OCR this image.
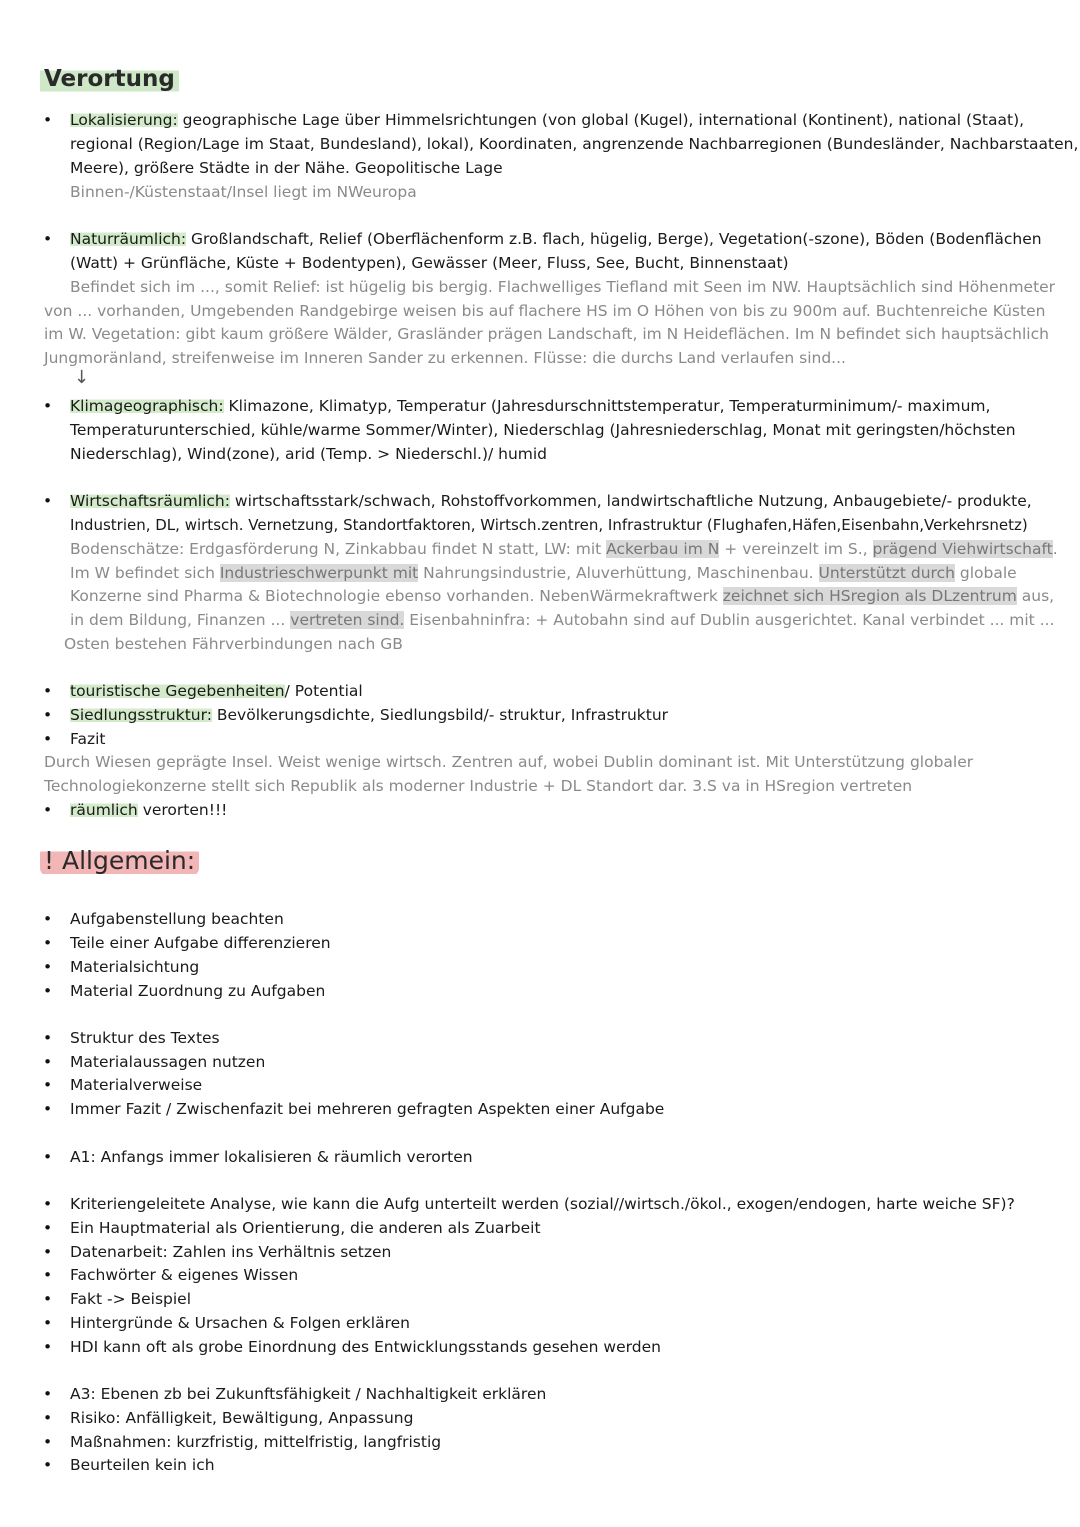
Verortung
• Lokalisierung: geographische Lage über Himmelsrichtungen (von global (Kugel), international (Kontinent), national (Staat),
regional (Region/Lage im Staat, Bundesland), lokal), Koordinaten, angrenzende Nachbarregionen (Bundesländer, Nachbarstaaten,
Meere), größere Städte in der Nähe. Geopolitische Lage
Binnen-/Küstenstaat/Insel liegt im NWeuropa
• Naturräumlich: Großlandschaft, Relief (Oberflächenform z.B. flach, hügelig, Berge), Vegetation(-szone), Böden (Bodenflächen
(Watt) + Grünfläche, Küste + Bodentypen), Gewässer (Meer, Fluss, See, Bucht, Binnenstaat)
Befindet sich im ..., somit Relief: ist hügelig bis bergig. Flachwelliges Tiefland mit Seen im NW. Hauptsächlich sind Höhenmeter
von ... vorhanden, Umgebenden Randgebirge weisen bis auf flachere HS im O Höhen von bis zu 900m auf. Buchtenreiche Küsten
im W. Vegetation: gibt kaum größere Wälder, Grasländer prägen Landschaft, im N Heideflächen. Im N befindet sich hauptsächlich
Jungmoränland, streifenweise im Inneren Sander zu erkennen. Flüsse: die durchs Land verlaufen sind...
↓
• Klimageographisch: Klimazone, Klimatyp, Temperatur (Jahresdurschnittstemperatur, Temperaturminimum/- maximum,
Temperaturunterschied, kühle/warme Sommer/Winter), Niederschlag (Jahresniederschlag, Monat mit geringsten/höchsten
Niederschlag), Wind(zone), arid (Temp. > Niederschl.)/ humid
• Wirtschaftsräumlich: wirtschaftsstark/schwach, Rohstoffvorkommen, landwirtschaftliche Nutzung, Anbaugebiete/- produkte,
Industrien, DL, wirtsch. Vernetzung, Standortfaktoren, Wirtsch.zentren, Infrastruktur (Flughafen,Häfen,Eisenbahn,Verkehrsnetz)
Bodenschätze: Erdgasförderung N, Zinkabbau findet N statt, LW: mit Ackerbau im N + vereinzelt im S., prägend Viehwirtschaft.
Im W befindet sich Industrieschwerpunkt mit Nahrungsindustrie, Aluverhüttung, Maschinenbau. Unterstützt durch globale
Konzerne sind Pharma & Biotechnologie ebenso vorhanden. NebenWärmekraftwerk zeichnet sich HSregion als DLzentrum aus,
in dem Bildung, Finanzen ... vertreten sind. Eisenbahninfra: + Autobahn sind auf Dublin ausgerichtet. Kanal verbindet ... mit ...
Osten bestehen Fährverbindungen nach GB
• touristische Gegebenheiten/ Potential
• Siedlungsstruktur: Bevölkerungsdichte, Siedlungsbild/- struktur, Infrastruktur
• Fazit
Durch Wiesen geprägte Insel. Weist wenige wirtsch. Zentren auf, wobei Dublin dominant ist. Mit Unterstützung globaler
Technologiekonzerne stellt sich Republik als moderner Industrie + DL Standort dar. 3.S va in HSregion vertreten
• räumlich verorten!!!
! Allgemein:
• Aufgabenstellung beachten
• Teile einer Aufgabe differenzieren
• Materialsichtung
• Material Zuordnung zu Aufgaben
• Struktur des Textes
• Materialaussagen nutzen
• Materialverweise
• Immer Fazit / Zwischenfazit bei mehreren gefragten Aspekten einer Aufgabe
• A1: Anfangs immer lokalisieren & räumlich verorten
• Kriteriengeleitete Analyse, wie kann die Aufg unterteilt werden (sozial//wirtsch./ökol., exogen/endogen, harte weiche SF)?
• Ein Hauptmaterial als Orientierung, die anderen als Zuarbeit
• Datenarbeit: Zahlen ins Verhältnis setzen
• Fachwörter & eigenes Wissen
• Fakt -> Beispiel
• Hintergründe & Ursachen & Folgen erklären
• HDI kann oft als grobe Einordnung des Entwicklungsstands gesehen werden
• A3: Ebenen zb bei Zukunftsfähigkeit / Nachhaltigkeit erklären
• Risiko: Anfälligkeit, Bewältigung, Anpassung
• Maßnahmen: kurzfristig, mittelfristig, langfristig
• Beurteilen kein ich
